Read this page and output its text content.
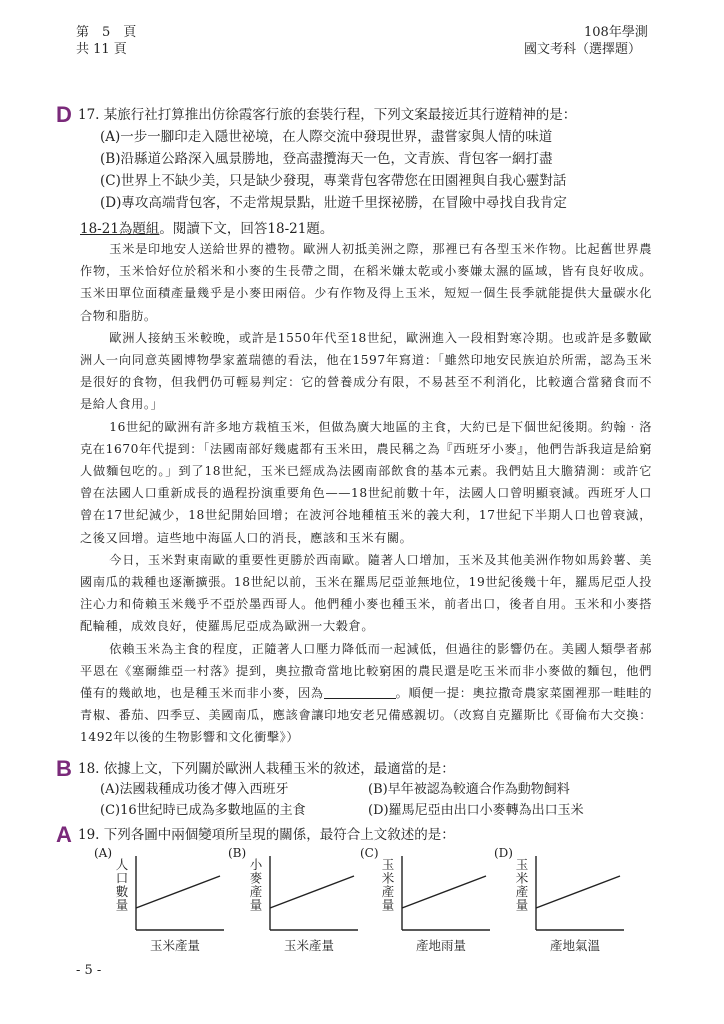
第　5　頁
共 11 頁
108年學測
國文考科（選擇題）
D 17. 某旅行社打算推出仿徐霞客行旅的套裝行程，下列文案最接近其行遊精神的是：
(A)一步一腳印走入隱世祕境，在人際交流中發現世界，盡嘗家與人情的味道
(B)沿縣道公路深入風景勝地，登高盡攬海天一色，文青族、背包客一網打盡
(C)世界上不缺少美，只是缺少發現，專業背包客帶您在田園裡與自我心靈對話
(D)專攻高端背包客，不走常規景點，壯遊千里探祕勝，在冒險中尋找自我肯定
18-21為題組。閱讀下文，回答18-21題。

玉米是印地安人送給世界的禮物。歐洲人初抵美洲之際，那裡已有各型玉米作物。比起舊世界農作物，玉米恰好位於稻米和小麥的生長帶之間，在稻米嫌太乾或小麥嫌太濕的區域，皆有良好收成。玉米田單位面積產量幾乎是小麥田兩倍。少有作物及得上玉米，短短一個生長季就能提供大量碳水化合物和脂肪。

歐洲人接納玉米較晚，或許是1550年代至18世紀，歐洲進入一段相對寒冷期。也或許是多數歐洲人一向同意英國博物學家蓋瑞德的看法，他在1597年寫道：「雖然印地安民族迫於所需，認為玉米是很好的食物，但我們仍可輕易判定：它的營養成分有限，不易甚至不利消化，比較適合當豬食而不是給人食用。」

16世紀的歐洲有許多地方栽植玉米，但做為廣大地區的主食，大約已是下個世紀後期。約翰‧洛克在1670年代提到：「法國南部好幾處都有玉米田，農民稱之為『西班牙小麥』，他們告訴我這是給窮人做麵包吃的。」到了18世紀，玉米已經成為法國南部飲食的基本元素。我們姑且大膽猜測：或許它曾在法國人口重新成長的過程扮演重要角色——18世紀前數十年，法國人口曾明顯衰減。西班牙人口曾在17世紀減少，18世紀開始回增；在波河谷地種植玉米的義大利，17世紀下半期人口也曾衰減，之後又回增。這些地中海區人口的消長，應該和玉米有關。

今日，玉米對東南歐的重要性更勝於西南歐。隨著人口增加，玉米及其他美洲作物如馬鈴薯、美國南瓜的栽種也逐漸擴張。18世紀以前，玉米在羅馬尼亞並無地位，19世紀後幾十年，羅馬尼亞人投注心力和倚賴玉米幾乎不亞於墨西哥人。他們種小麥也種玉米，前者出口，後者自用。玉米和小麥搭配輪種，成效良好，使羅馬尼亞成為歐洲一大穀倉。

依賴玉米為主食的程度，正隨著人口壓力降低而一起減低，但過往的影響仍在。美國人類學者郝平恩在《塞爾維亞一村落》提到，奧拉撒奇當地比較窮困的農民還是吃玉米而非小麥做的麵包，他們僅有的幾畝地，也是種玉米而非小麥，因為	。順便一提：奧拉撒奇農家菜園裡那一畦畦的青椒、番茄、四季豆、美國南瓜，應該會讓印地安老兄備感親切。（改寫自克羅斯比《哥倫布大交換：1492年以後的生物影響和文化衝擊》）

B 18. 依據上文，下列關於歐洲人栽種玉米的敘述，最適當的是：
(A)法國栽種成功後才傳入西班牙	(B)早年被認為較適合作為動物飼料
(C)16世紀時已成為多數地區的主食	(D)羅馬尼亞由出口小麥轉為出口玉米
A 19. 下列各圖中兩個變項所呈現的關係，最符合上文敘述的是：
(A)
人口數量
玉米產量
(B)
小麥產量
玉米產量
(C)
玉米產量
產地雨量
(D)
玉米產量
產地氣溫
- 5 -
